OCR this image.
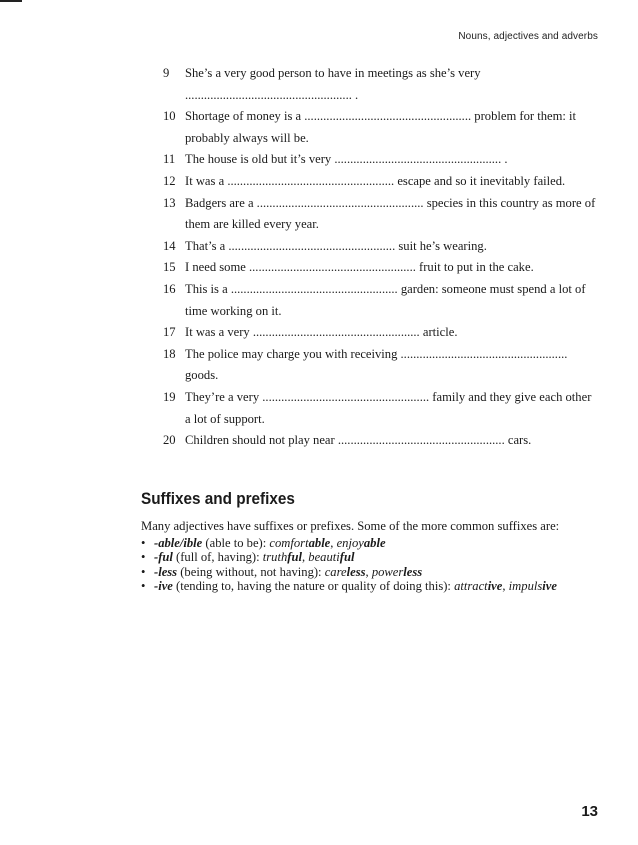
Nouns, adjectives and adverbs
9 She’s a very good person to have in meetings as she’s very ..................................................... .
10 Shortage of money is a ..................................................... problem for them: it probably always will be.
11 The house is old but it’s very ..................................................... .
12 It was a ..................................................... escape and so it inevitably failed.
13 Badgers are a ..................................................... species in this country as more of them are killed every year.
14 That’s a ..................................................... suit he’s wearing.
15 I need some ..................................................... fruit to put in the cake.
16 This is a ..................................................... garden: someone must spend a lot of time working on it.
17 It was a very ..................................................... article.
18 The police may charge you with receiving ..................................................... goods.
19 They’re a very ..................................................... family and they give each other a lot of support.
20 Children should not play near ..................................................... cars.
Suffixes and prefixes

Many adjectives have suffixes or prefixes. Some of the more common suffixes are:

• -able/ible (able to be): comfortable, enjoyable
• -ful (full of, having): truthful, beautiful
• -less (being without, not having): careless, powerless
• -ive (tending to, having the nature or quality of doing this): attractive, impulsive
13
